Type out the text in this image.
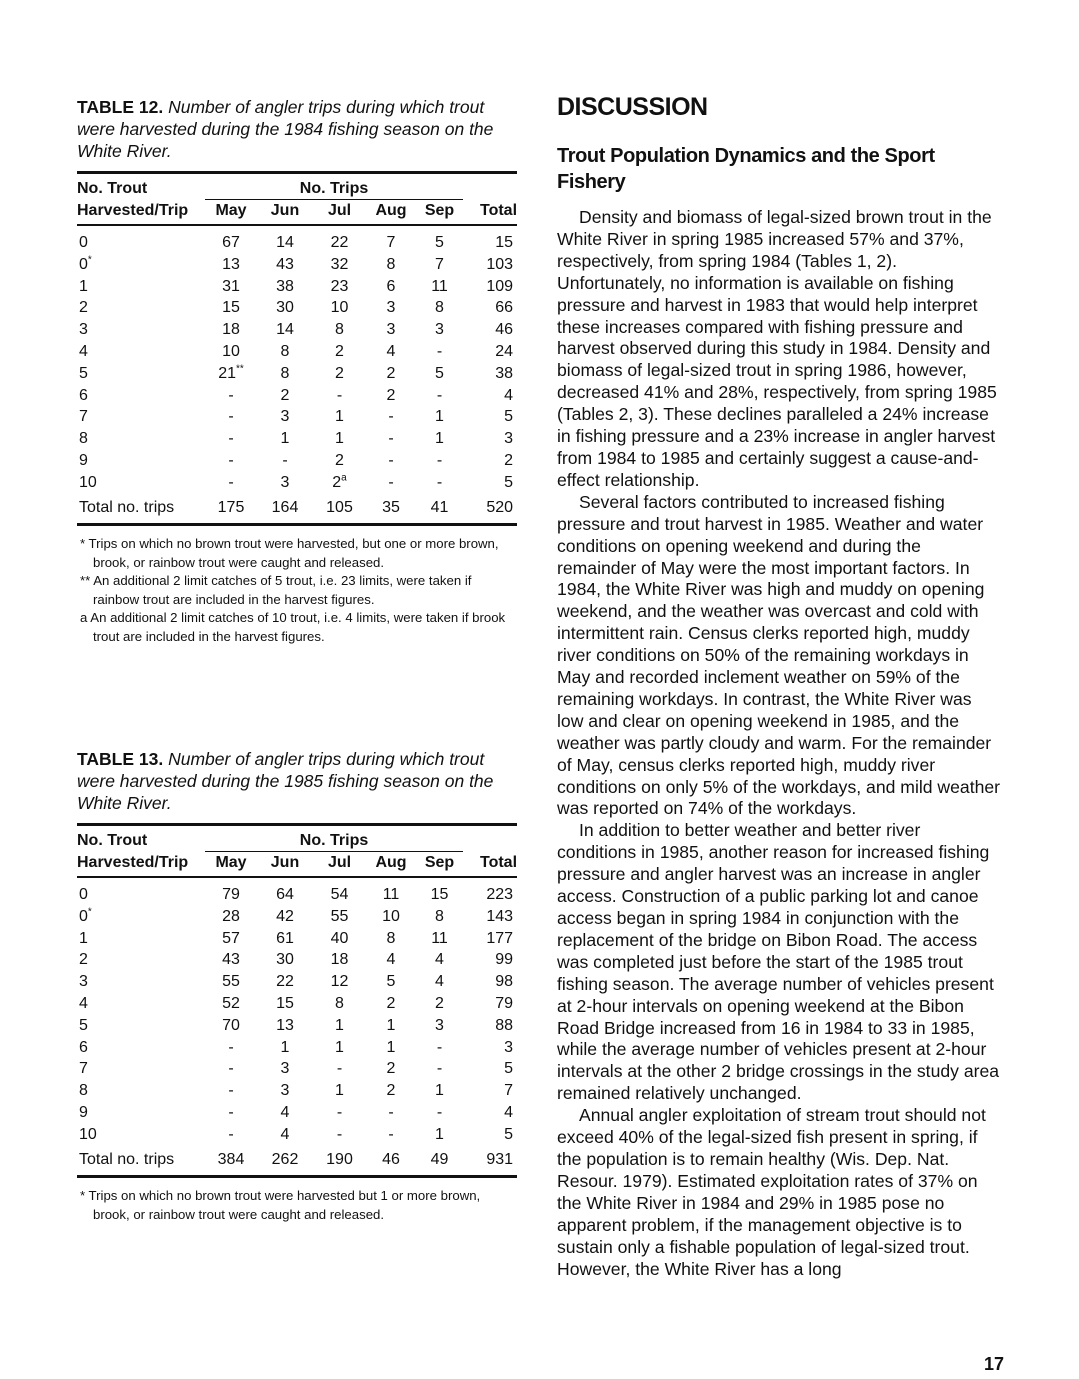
TABLE 12. Number of angler trips during which trout were harvested during the 1984 fishing season on the White River.

No. Trout	No. Trips					
Harvested/Trip	May	Jun	Jul	Aug	Sep	Total
0	67	14	22	7	5	15
0*	13	43	32	8	7	103
1	31	38	23	6	11	109
2	15	30	10	3	8	66
3	18	14	8	3	3	46
4	10	8	2	4	-	24
5	21**	8	2	2	5	38
6	-	2	-	2	-	4
7	-	3	1	-	1	5
8	-	1	1	-	1	3
9	-	-	2	-	-	2
10	-	3	2$^a$	-	-	5
Total no. trips	175	164	105	35	41	520

* Trips on which no brown trout were harvested, but one or more brown, brook, or rainbow trout were caught and released.

** An additional 2 limit catches of 5 trout, i.e. 23 limits, were taken if rainbow trout are included in the harvest figures.

a An additional 2 limit catches of 10 trout, i.e. 4 limits, were taken if brook trout are included in the harvest figures.

TABLE 13. Number of angler trips during which trout were harvested during the 1985 fishing season on the White River.

No. Trout	No. Trips					
Harvested/Trip	May	Jun	Jul	Aug	Sep	Total
0	79	64	54	11	15	223
0*	28	42	55	10	8	143
1	57	61	40	8	11	177
2	43	30	18	4	4	99
3	55	22	12	5	4	98
4	52	15	8	2	2	79
5	70	13	1	1	3	88
6	-	1	1	1	-	3
7	-	3	-	2	-	5
8	-	3	1	2	1	7
9	-	4	-	-	-	4
10	-	4	-	-	1	5
Total no. trips	384	262	190	46	49	931

* Trips on which no brown trout were harvested but 1 or more brown, brook, or rainbow trout were caught and released.

DISCUSSION
Trout Population Dynamics and the Sport Fishery

Density and biomass of legal-sized brown trout in the White River in spring 1985 increased 57% and 37%, respectively, from spring 1984 (Tables 1, 2). Unfortunately, no information is available on fishing pressure and harvest in 1983 that would help interpret these increases compared with fishing pressure and harvest observed during this study in 1984. Density and biomass of legal-sized trout in spring 1986, however, decreased 41% and 28%, respectively, from spring 1985 (Tables 2, 3). These declines paralleled a 24% increase in fishing pressure and a 23% increase in angler harvest from 1984 to 1985 and certainly suggest a cause-and-effect relationship.

Several factors contributed to increased fishing pressure and trout harvest in 1985. Weather and water conditions on opening weekend and during the remainder of May were the most important factors. In 1984, the White River was high and muddy on opening weekend, and the weather was overcast and cold with intermittent rain. Census clerks reported high, muddy river conditions on 50% of the remaining workdays in May and recorded inclement weather on 59% of the remaining workdays. In contrast, the White River was low and clear on opening weekend in 1985, and the weather was partly cloudy and warm. For the remainder of May, census clerks reported high, muddy river conditions on only 5% of the workdays, and mild weather was reported on 74% of the workdays.

In addition to better weather and better river conditions in 1985, another reason for increased fishing pressure and angler harvest was an increase in angler access. Construction of a public parking lot and canoe access began in spring 1984 in conjunction with the replacement of the bridge on Bibon Road. The access was completed just before the start of the 1985 trout fishing season. The average number of vehicles present at 2-hour intervals on opening weekend at the Bibon Road Bridge increased from 16 in 1984 to 33 in 1985, while the average number of vehicles present at 2-hour intervals at the other 2 bridge crossings in the study area remained relatively unchanged.

Annual angler exploitation of stream trout should not exceed 40% of the legal-sized fish present in spring, if the population is to remain healthy (Wis. Dep. Nat. Resour. 1979). Estimated exploitation rates of 37% on the White River in 1984 and 29% in 1985 pose no apparent problem, if the management objective is to sustain only a fishable population of legal-sized trout. However, the White River has a long

17
